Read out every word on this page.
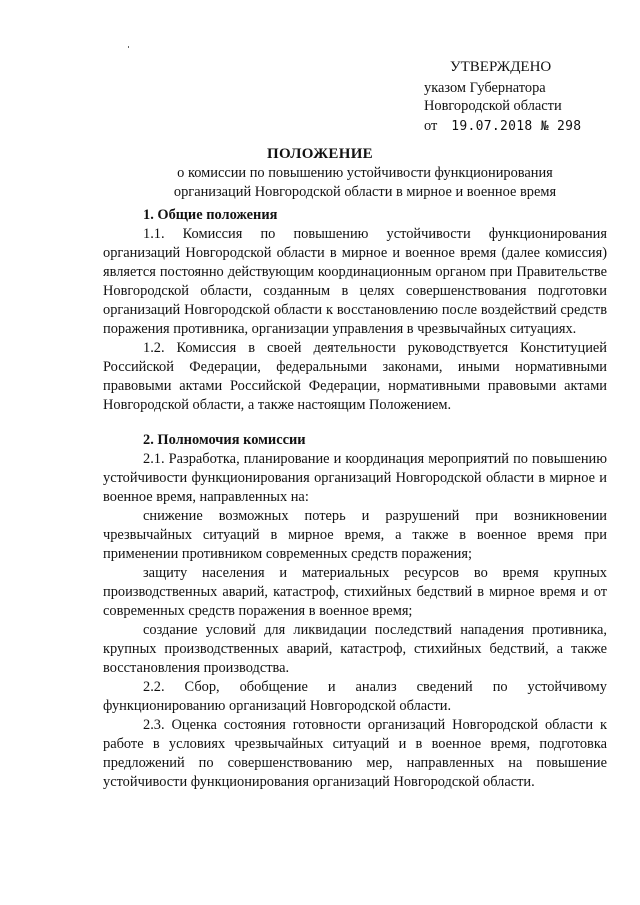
УТВЕРЖДЕНО
указом Губернатора
Новгородской области
от 19.07.2018 № 298
ПОЛОЖЕНИЕ
о комиссии по повышению устойчивости функционирования организаций Новгородской области в мирное и военное время
1. Общие положения

1.1. Комиссия по повышению устойчивости функционирования организаций Новгородской области в мирное и военное время (далее комиссия) является постоянно действующим координационным органом при Правительстве Новгородской области, созданным в целях совершенствования подготовки организаций Новгородской области к восстановлению после воздействий средств поражения противника, организации управления в чрезвычайных ситуациях.

1.2. Комиссия в своей деятельности руководствуется Конституцией Российской Федерации, федеральными законами, иными нормативными правовыми актами Российской Федерации, нормативными правовыми актами Новгородской области, а также настоящим Положением.

2. Полномочия комиссии

2.1. Разработка, планирование и координация мероприятий по повышению устойчивости функционирования организаций Новгородской области в мирное и военное время, направленных на:

снижение возможных потерь и разрушений при возникновении чрезвычайных ситуаций в мирное время, а также в военное время при применении противником современных средств поражения;

защиту населения и материальных ресурсов во время крупных производственных аварий, катастроф, стихийных бедствий в мирное время и от современных средств поражения в военное время;

создание условий для ликвидации последствий нападения противника, крупных производственных аварий, катастроф, стихийных бедствий, а также восстановления производства.

2.2. Сбор, обобщение и анализ сведений по устойчивому функционированию организаций Новгородской области.

2.3. Оценка состояния готовности организаций Новгородской области к работе в условиях чрезвычайных ситуаций и в военное время, подготовка предложений по совершенствованию мер, направленных на повышение устойчивости функционирования организаций Новгородской области.
